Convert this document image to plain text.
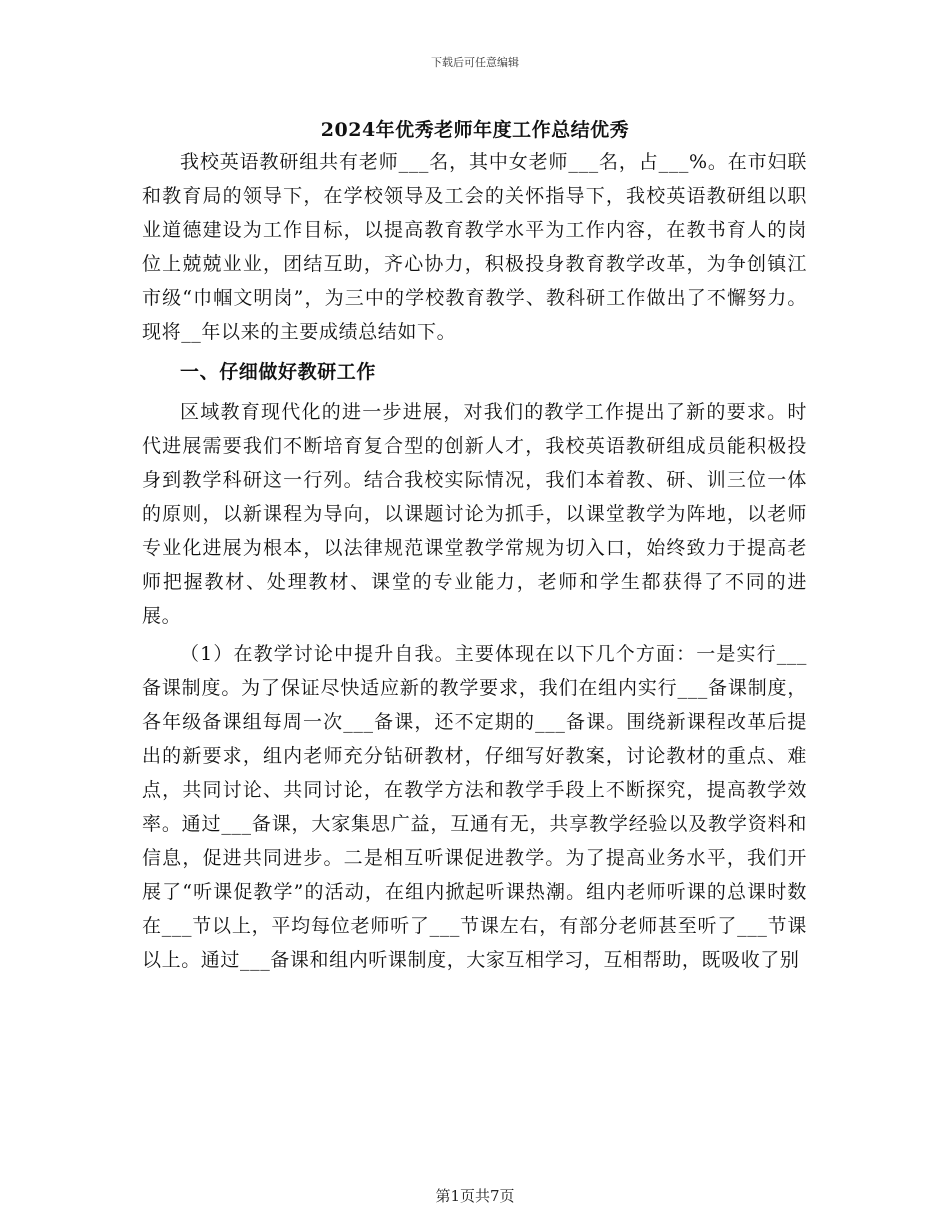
下载后可任意编辑
2024年优秀老师年度工作总结优秀

我校英语教研组共有老师___名，其中女老师___名，占___%。在市妇联和教育局的领导下，在学校领导及工会的关怀指导下，我校英语教研组以职业道德建设为工作目标，以提高教育教学水平为工作内容，在教书育人的岗位上兢兢业业，团结互助，齐心协力，积极投身教育教学改革，为争创镇江市级“巾帼文明岗”，为三中的学校教育教学、教科研工作做出了不懈努力。现将__年以来的主要成绩总结如下。

一、仔细做好教研工作

区域教育现代化的进一步进展，对我们的教学工作提出了新的要求。时代进展需要我们不断培育复合型的创新人才，我校英语教研组成员能积极投身到教学科研这一行列。结合我校实际情况，我们本着教、研、训三位一体的原则，以新课程为导向，以课题讨论为抓手，以课堂教学为阵地，以老师专业化进展为根本，以法律规范课堂教学常规为切入口，始终致力于提高老师把握教材、处理教材、课堂的专业能力，老师和学生都获得了不同的进展。

（1）在教学讨论中提升自我。主要体现在以下几个方面：一是实行___备课制度。为了保证尽快适应新的教学要求，我们在组内实行___备课制度，各年级备课组每周一次___备课，还不定期的___备课。围绕新课程改革后提出的新要求，组内老师充分钻研教材，仔细写好教案，讨论教材的重点、难点，共同讨论、共同讨论，在教学方法和教学手段上不断探究，提高教学效率。通过___备课，大家集思广益，互通有无，共享教学经验以及教学资料和信息，促进共同进步。二是相互听课促进教学。为了提高业务水平，我们开展了“听课促教学”的活动，在组内掀起听课热潮。组内老师听课的总课时数在___节以上，平均每位老师听了___节课左右，有部分老师甚至听了___节课以上。通过___备课和组内听课制度，大家互相学习，互相帮助，既吸收了别

第1页共7页
